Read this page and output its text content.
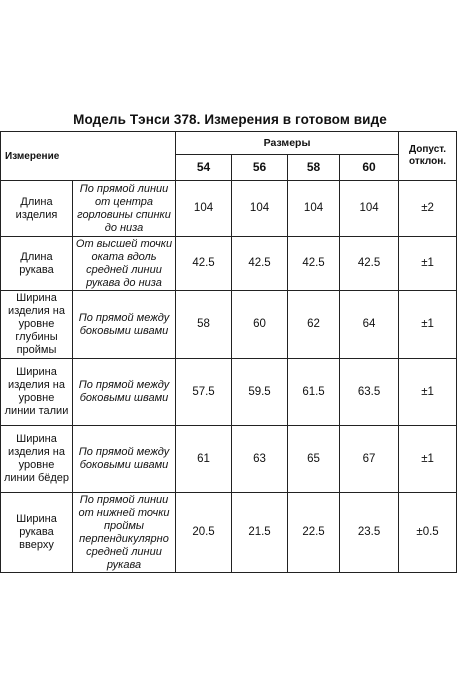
Модель Тэнси 378. Измерения в готовом виде
Измерение		Размеры				Допуст. отклон.
		54	56	58	60	
Длина изделия	По прямой линии от центра горловины спинки до низа	104	104	104	104	±2
Длина рукава	От высшей точки оката вдоль средней линии рукава до низа	42.5	42.5	42.5	42.5	±1
Ширина изделия на уровне глубины проймы	По прямой между боковыми швами	58	60	62	64	±1
Ширина изделия на уровне линии талии	По прямой между боковыми швами	57.5	59.5	61.5	63.5	±1
Ширина изделия на уровне линии бёдер	По прямой между боковыми швами	61	63	65	67	±1
Ширина рукава вверху	По прямой линии от нижней точки проймы перпендикулярно средней линии рукава	20.5	21.5	22.5	23.5	±0.5
